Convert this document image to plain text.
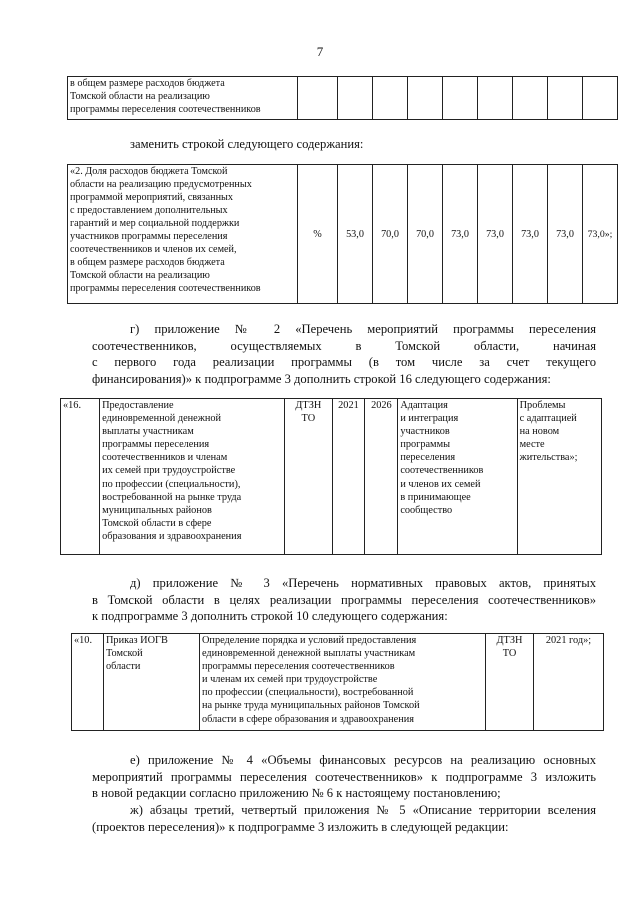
7
в общем размере расходов бюджета
Томской области на реализацию
программы переселения соотечественников									
заменить строкой следующего содержания:
«2. Доля расходов бюджета Томской
области на реализацию предусмотренных
программой мероприятий, связанных
с предоставлением дополнительных
гарантий и мер социальной поддержки
участников программы переселения
соотечественников и членов их семей,
в общем размере расходов бюджета
Томской области на реализацию
программы переселения соотечественников	%	53,0	70,0	70,0	73,0	73,0	73,0	73,0	73,0»;
г) приложение № 2 «Перечень мероприятий программы переселения
соотечественников, осуществляемых в Томской области, начиная
с первого года реализации программы (в том числе за счет текущего
финансирования)» к подпрограмме 3 дополнить строкой 16 следующего содержания:
«16.	Предоставление
единовременной денежной
выплаты участникам
программы переселения
соотечественников и членам
их семей при трудоустройстве
по профессии (специальности),
востребованной на рынке труда
муниципальных районов
Томской области в сфере
образования и здравоохранения	ДТЗН
ТО	2021	2026	Адаптация
и интеграция
участников
программы
переселения
соотечественников
и членов их семей
в принимающее
сообщество	Проблемы
с адаптацией
на новом
месте
жительства»;
д) приложение № 3 «Перечень нормативных правовых актов, принятых
в Томской области в целях реализации программы переселения соотечественников»
к подпрограмме 3 дополнить строкой 10 следующего содержания:
«10.	Приказ ИОГВ
Томской
области	Определение порядка и условий предоставления
единовременной денежной выплаты участникам
программы переселения соотечественников
и членам их семей при трудоустройстве
по профессии (специальности), востребованной
на рынке труда муниципальных районов Томской
области в сфере образования и здравоохранения	ДТЗН
ТО	2021 год»;
е) приложение № 4 «Объемы финансовых ресурсов на реализацию основных
мероприятий программы переселения соотечественников» к подпрограмме 3 изложить
в новой редакции согласно приложению № 6 к настоящему постановлению;
ж) абзацы третий, четвертый приложения № 5 «Описание территории вселения
(проектов переселения)» к подпрограмме 3 изложить в следующей редакции:
